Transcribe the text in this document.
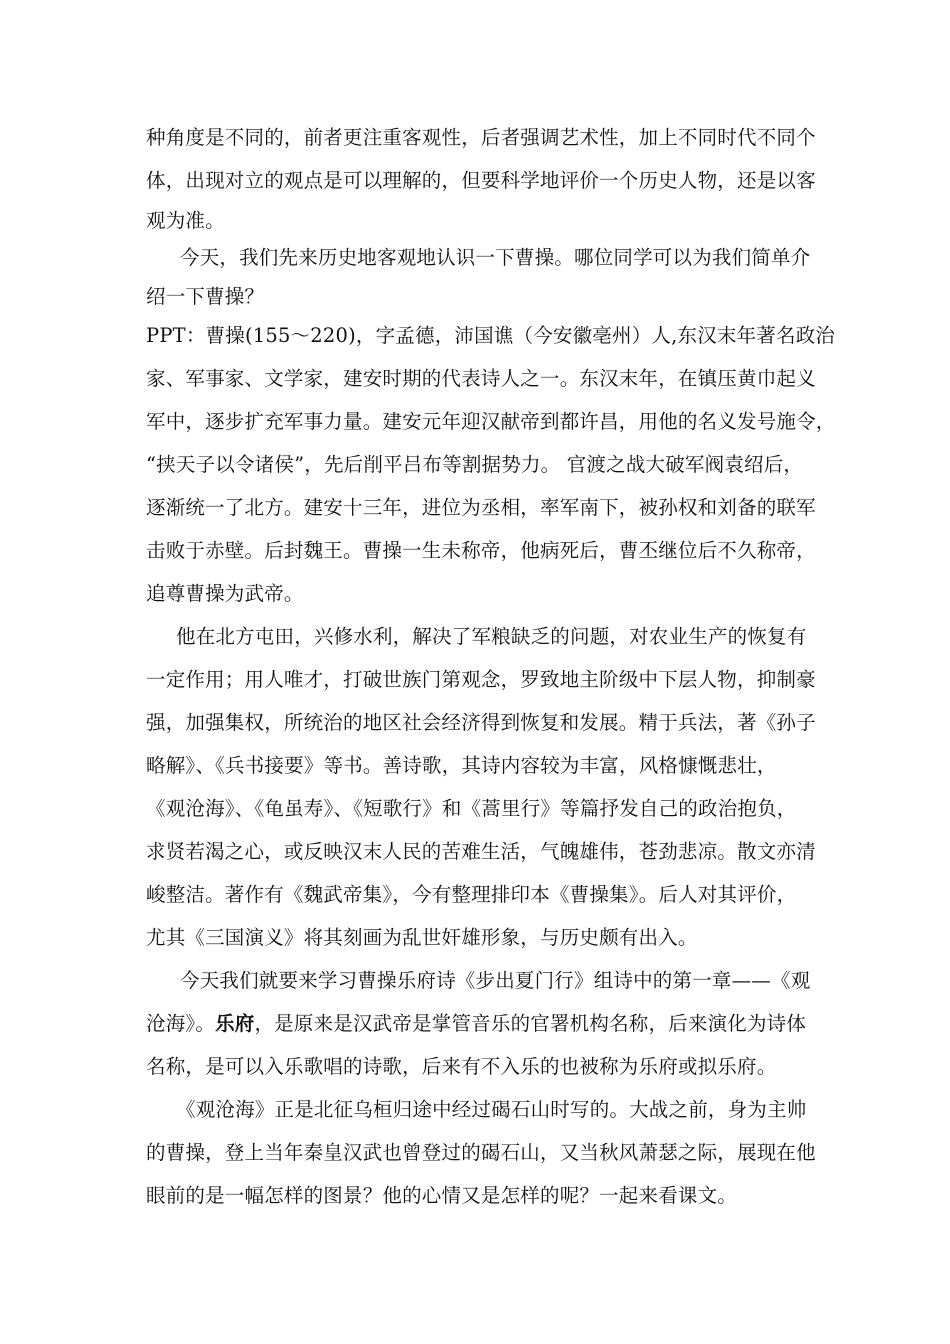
种角度是不同的，前者更注重客观性，后者强调艺术性，加上不同时代不同个
体，出现对立的观点是可以理解的，但要科学地评价一个历史人物，还是以客
观为准。
今天，我们先来历史地客观地认识一下曹操。哪位同学可以为我们简单介
绍一下曹操？
PPT：曹操(155～220)，字孟德，沛国谯（今安徽亳州）人,东汉末年著名政治
家、军事家、文学家，建安时期的代表诗人之一。东汉末年，在镇压黄巾起义
军中，逐步扩充军事力量。建安元年迎汉献帝到都许昌，用他的名义发号施令，
“挟天子以令诸侯”，先后削平吕布等割据势力。 官渡之战大破军阀袁绍后，
逐渐统一了北方。建安十三年，进位为丞相，率军南下，被孙权和刘备的联军
击败于赤壁。后封魏王。曹操一生未称帝，他病死后，曹丕继位后不久称帝，
追尊曹操为武帝。
他在北方屯田，兴修水利，解决了军粮缺乏的问题，对农业生产的恢复有
一定作用；用人唯才，打破世族门第观念，罗致地主阶级中下层人物，抑制豪
强，加强集权，所统治的地区社会经济得到恢复和发展。精于兵法，著《孙子
略解》、《兵书接要》等书。善诗歌，其诗内容较为丰富，风格慷慨悲壮，
《观沧海》、《龟虽寿》、《短歌行》和《蒿里行》等篇抒发自己的政治抱负，
求贤若渴之心，或反映汉末人民的苦难生活，气魄雄伟，苍劲悲凉。散文亦清
峻整洁。著作有《魏武帝集》，今有整理排印本《曹操集》。后人对其评价，
尤其《三国演义》将其刻画为乱世奸雄形象，与历史颇有出入。
今天我们就要来学习曹操乐府诗《步出夏门行》组诗中的第一章——《观
沧海》。乐府，是原来是汉武帝是掌管音乐的官署机构名称，后来演化为诗体
名称，是可以入乐歌唱的诗歌，后来有不入乐的也被称为乐府或拟乐府。
《观沧海》正是北征乌桓归途中经过碣石山时写的。大战之前，身为主帅
的曹操，登上当年秦皇汉武也曾登过的碣石山，又当秋风萧瑟之际，展现在他
眼前的是一幅怎样的图景？他的心情又是怎样的呢？一起来看课文。
